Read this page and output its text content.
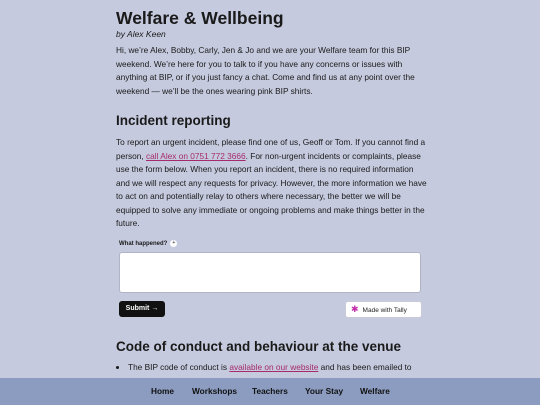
Welfare & Wellbeing
by Alex Keen

Hi, we’re Alex, Bobby, Carly, Jen & Jo and we are your Welfare team for this BIP weekend. We’re here for you to talk to if you have any concerns or issues with anything at BIP, or if you just fancy a chat. Come and find us at any point over the weekend — we’ll be the ones wearing pink BIP shirts.

Incident reporting

To report an urgent incident, please find one of us, Geoff or Tom. If you cannot find a person, call Alex on 0751 772 3666. For non-urgent incidents or complaints, please use the form below. When you report an incident, there is no required information and we will respect any requests for privacy. However, the more information we have to act on and potentially relay to others where necessary, the better we will be equipped to solve any immediate or ongoing problems and make things better in the future.

Code of conduct and behaviour at the venue
• The BIP code of conduct is available on our website and has been emailed to
What happened? +
Submit →	✱ Made with Tally
Home Workshops Teachers Your Stay Welfare
